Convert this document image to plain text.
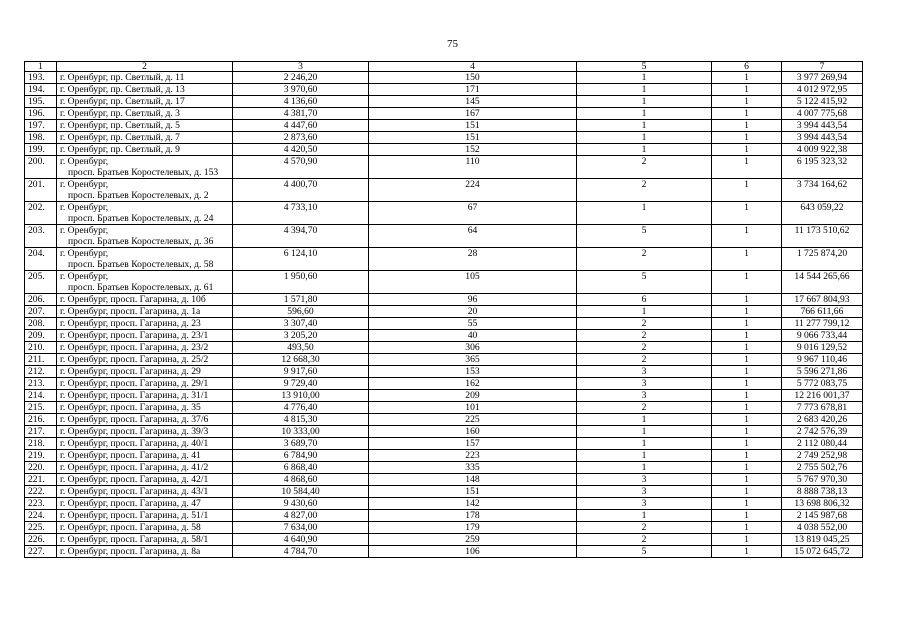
75
1	2	3	4	5	6	7
193.	г. Оренбург, пр. Светлый, д. 11	2 246,20	150	1	1	3 977 269,94
194.	г. Оренбург, пр. Светлый, д. 13	3 970,60	171	1	1	4 012 972,95
195.	г. Оренбург, пр. Светлый, д. 17	4 136,60	145	1	1	5 122 415,92
196.	г. Оренбург, пр. Светлый, д. 3	4 381,70	167	1	1	4 007 775,68
197.	г. Оренбург, пр. Светлый, д. 5	4 447,60	151	1	1	3 994 443,54
198.	г. Оренбург, пр. Светлый, д. 7	2 873,60	151	1	1	3 994 443,54
199.	г. Оренбург, пр. Светлый, д. 9	4 420,50	152	1	1	4 009 922,38
200.	г. Оренбург,
просп. Братьев Коростелевых, д. 153	4 570,90	110	2	1	6 195 323,32
201.	г. Оренбург,
просп. Братьев Коростелевых, д. 2	4 400,70	224	2	1	3 734 164,62
202.	г. Оренбург,
просп. Братьев Коростелевых, д. 24	4 733,10	67	1	1	643 059,22
203.	г. Оренбург,
просп. Братьев Коростелевых, д. 36	4 394,70	64	5	1	11 173 510,62
204.	г. Оренбург,
просп. Братьев Коростелевых, д. 58	6 124,10	28	2	1	1 725 874,20
205.	г. Оренбург,
просп. Братьев Коростелевых, д. 61	1 950,60	105	5	1	14 544 265,66
206.	г. Оренбург, просп. Гагарина, д. 10б	1 571,80	96	6	1	17 667 804,93
207.	г. Оренбург, просп. Гагарина, д. 1а	596,60	20	1	1	766 611,66
208.	г. Оренбург, просп. Гагарина, д. 23	3 307,40	55	2	1	11 277 799,12
209.	г. Оренбург, просп. Гагарина, д. 23/1	3 205,20	40	2	1	9 066 733,44
210.	г. Оренбург, просп. Гагарина, д. 23/2	493,50	306	2	1	9 016 129,52
211.	г. Оренбург, просп. Гагарина, д. 25/2	12 668,30	365	2	1	9 967 110,46
212.	г. Оренбург, просп. Гагарина, д. 29	9 917,60	153	3	1	5 596 271,86
213.	г. Оренбург, просп. Гагарина, д. 29/1	9 729,40	162	3	1	5 772 083,75
214.	г. Оренбург, просп. Гагарина, д. 31/1	13 910,00	209	3	1	12 216 001,37
215.	г. Оренбург, просп. Гагарина, д. 35	4 776,40	101	2	1	7 773 678,81
216.	г. Оренбург, просп. Гагарина, д. 37/6	4 815,30	225	1	1	2 683 420,26
217.	г. Оренбург, просп. Гагарина, д. 39/3	10 333,00	160	1	1	2 742 576,39
218.	г. Оренбург, просп. Гагарина, д. 40/1	3 689,70	157	1	1	2 112 080,44
219.	г. Оренбург, просп. Гагарина, д. 41	6 784,90	223	1	1	2 749 252,98
220.	г. Оренбург, просп. Гагарина, д. 41/2	6 868,40	335	1	1	2 755 502,76
221.	г. Оренбург, просп. Гагарина, д. 42/1	4 868,60	148	3	1	5 767 970,30
222.	г. Оренбург, просп. Гагарина, д. 43/1	10 584,40	151	3	1	8 888 738,13
223.	г. Оренбург, просп. Гагарина, д. 47	9 430,60	142	3	1	13 698 806,32
224.	г. Оренбург, просп. Гагарина, д. 51/1	4 827,00	178	1	1	2 145 987,68
225.	г. Оренбург, просп. Гагарина, д. 58	7 634,00	179	2	1	4 038 552,00
226.	г. Оренбург, просп. Гагарина, д. 58/1	4 640,90	259	2	1	13 819 045,25
227.	г. Оренбург, просп. Гагарина, д. 8а	4 784,70	106	5	1	15 072 645,72
